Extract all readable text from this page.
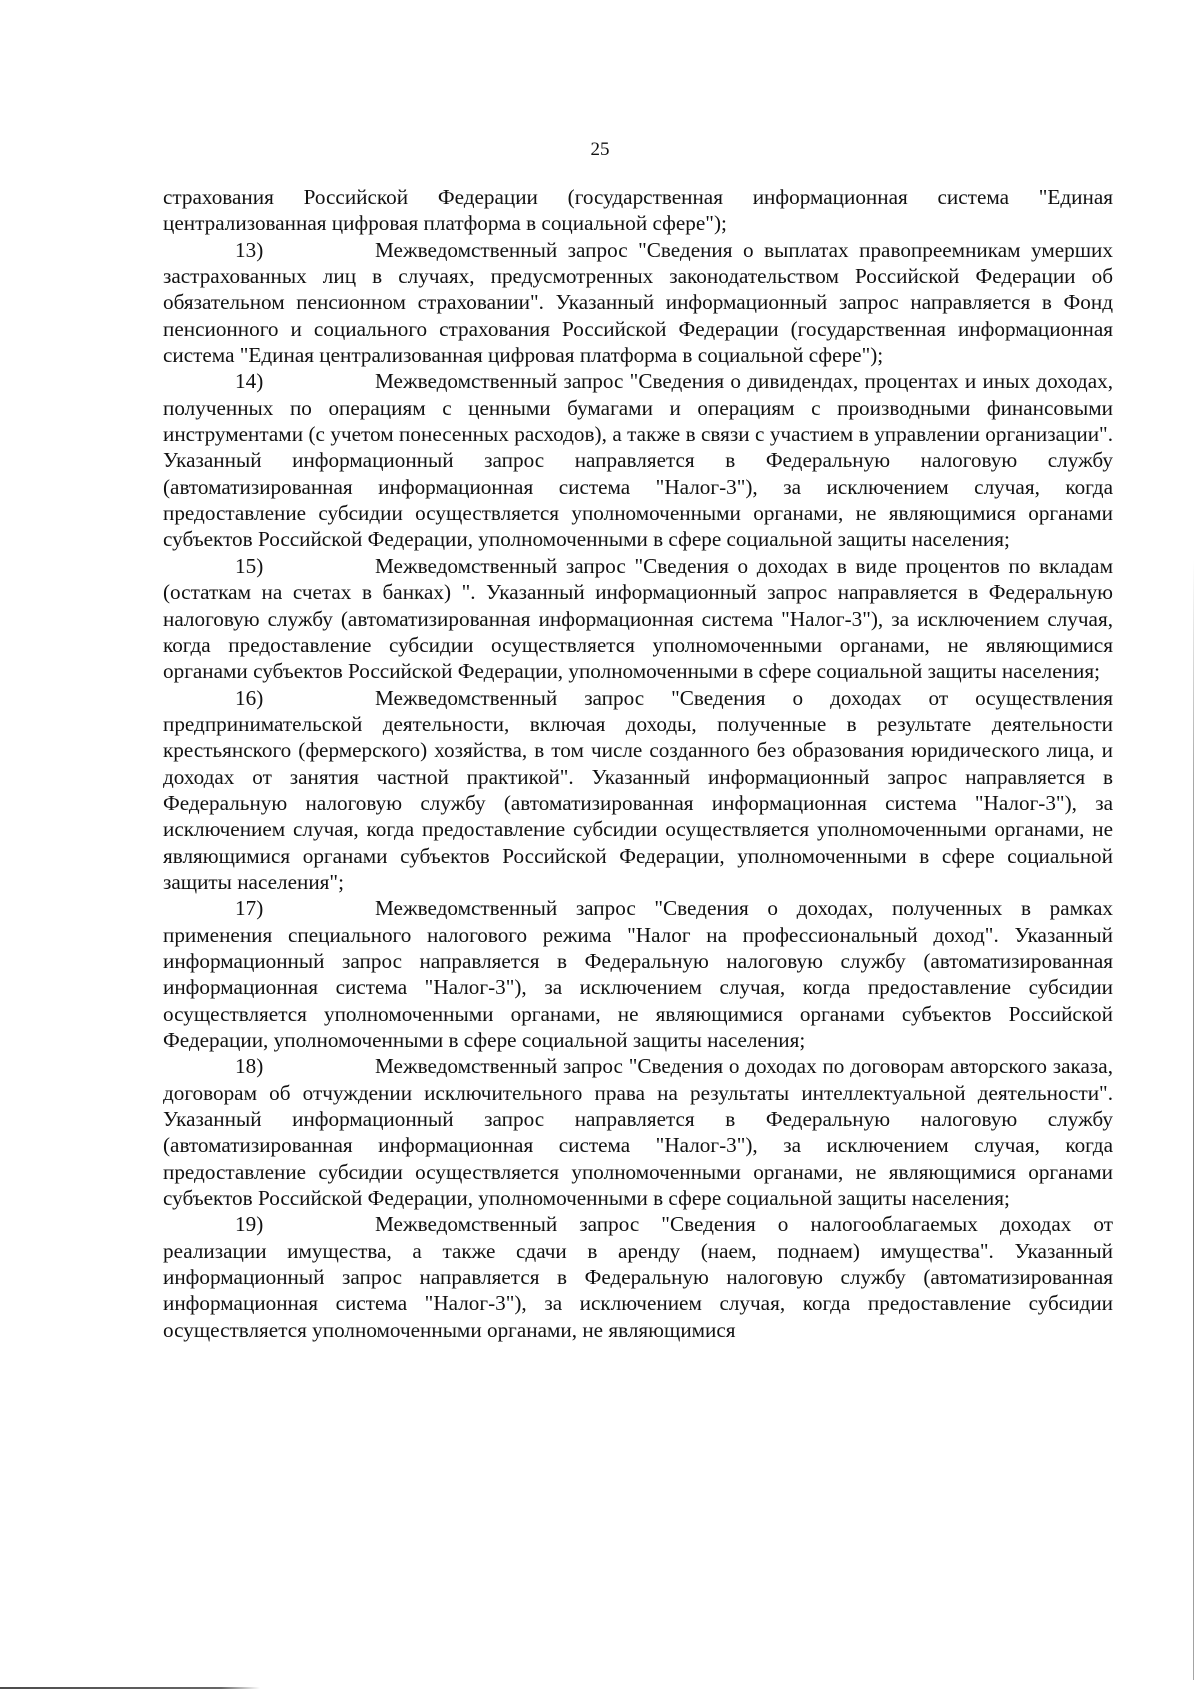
25

страхования Российской Федерации (государственная информационная система "Единая централизованная цифровая платформа в социальной сфере");

13)	Межведомственный запрос "Сведения о выплатах правопреемникам умерших застрахованных лиц в случаях, предусмотренных законодательством Российской Федерации об обязательном пенсионном страховании". Указанный информационный запрос направляется в Фонд пенсионного и социального страхования Российской Федерации (государственная информационная система "Единая централизованная цифровая платформа в социальной сфере");

14)	Межведомственный запрос "Сведения о дивидендах, процентах и иных доходах, полученных по операциям с ценными бумагами и операциям с производными финансовыми инструментами (с учетом понесенных расходов), а также в связи с участием в управлении организации". Указанный информационный запрос направляется в Федеральную налоговую службу (автоматизированная информационная система "Налог-3"), за исключением случая, когда предоставление субсидии осуществляется уполномоченными органами, не являющимися органами субъектов Российской Федерации, уполномоченными в сфере социальной защиты населения;

15)	Межведомственный запрос "Сведения о доходах в виде процентов по вкладам (остаткам на счетах в банках) ". Указанный информационный запрос направляется в Федеральную налоговую службу (автоматизированная информационная система "Налог-3"), за исключением случая, когда предоставление субсидии осуществляется уполномоченными органами, не являющимися органами субъектов Российской Федерации, уполномоченными в сфере социальной защиты населения;

16)	Межведомственный запрос "Сведения о доходах от осуществления предпринимательской деятельности, включая доходы, полученные в результате деятельности крестьянского (фермерского) хозяйства, в том числе созданного без образования юридического лица, и доходах от занятия частной практикой". Указанный информационный запрос направляется в Федеральную налоговую службу (автоматизированная информационная система "Налог-3"), за исключением случая, когда предоставление субсидии осуществляется уполномоченными органами, не являющимися органами субъектов Российской Федерации, уполномоченными в сфере социальной защиты населения";

17)	Межведомственный запрос "Сведения о доходах, полученных в рамках применения специального налогового режима "Налог на профессиональный доход". Указанный информационный запрос направляется в Федеральную налоговую службу (автоматизированная информационная система "Налог-3"), за исключением случая, когда предоставление субсидии осуществляется уполномоченными органами, не являющимися органами субъектов Российской Федерации, уполномоченными в сфере социальной защиты населения;

18)	Межведомственный запрос "Сведения о доходах по договорам авторского заказа, договорам об отчуждении исключительного права на результаты интеллектуальной деятельности". Указанный информационный запрос направляется в Федеральную налоговую службу (автоматизированная информационная система "Налог-3"), за исключением случая, когда предоставление субсидии осуществляется уполномоченными органами, не являющимися органами субъектов Российской Федерации, уполномоченными в сфере социальной защиты населения;

19)	Межведомственный запрос "Сведения о налогооблагаемых доходах от реализации имущества, а также сдачи в аренду (наем, поднаем) имущества". Указанный информационный запрос направляется в Федеральную налоговую службу (автоматизированная информационная система "Налог-3"), за исключением случая, когда предоставление субсидии осуществляется уполномоченными органами, не являющимися
